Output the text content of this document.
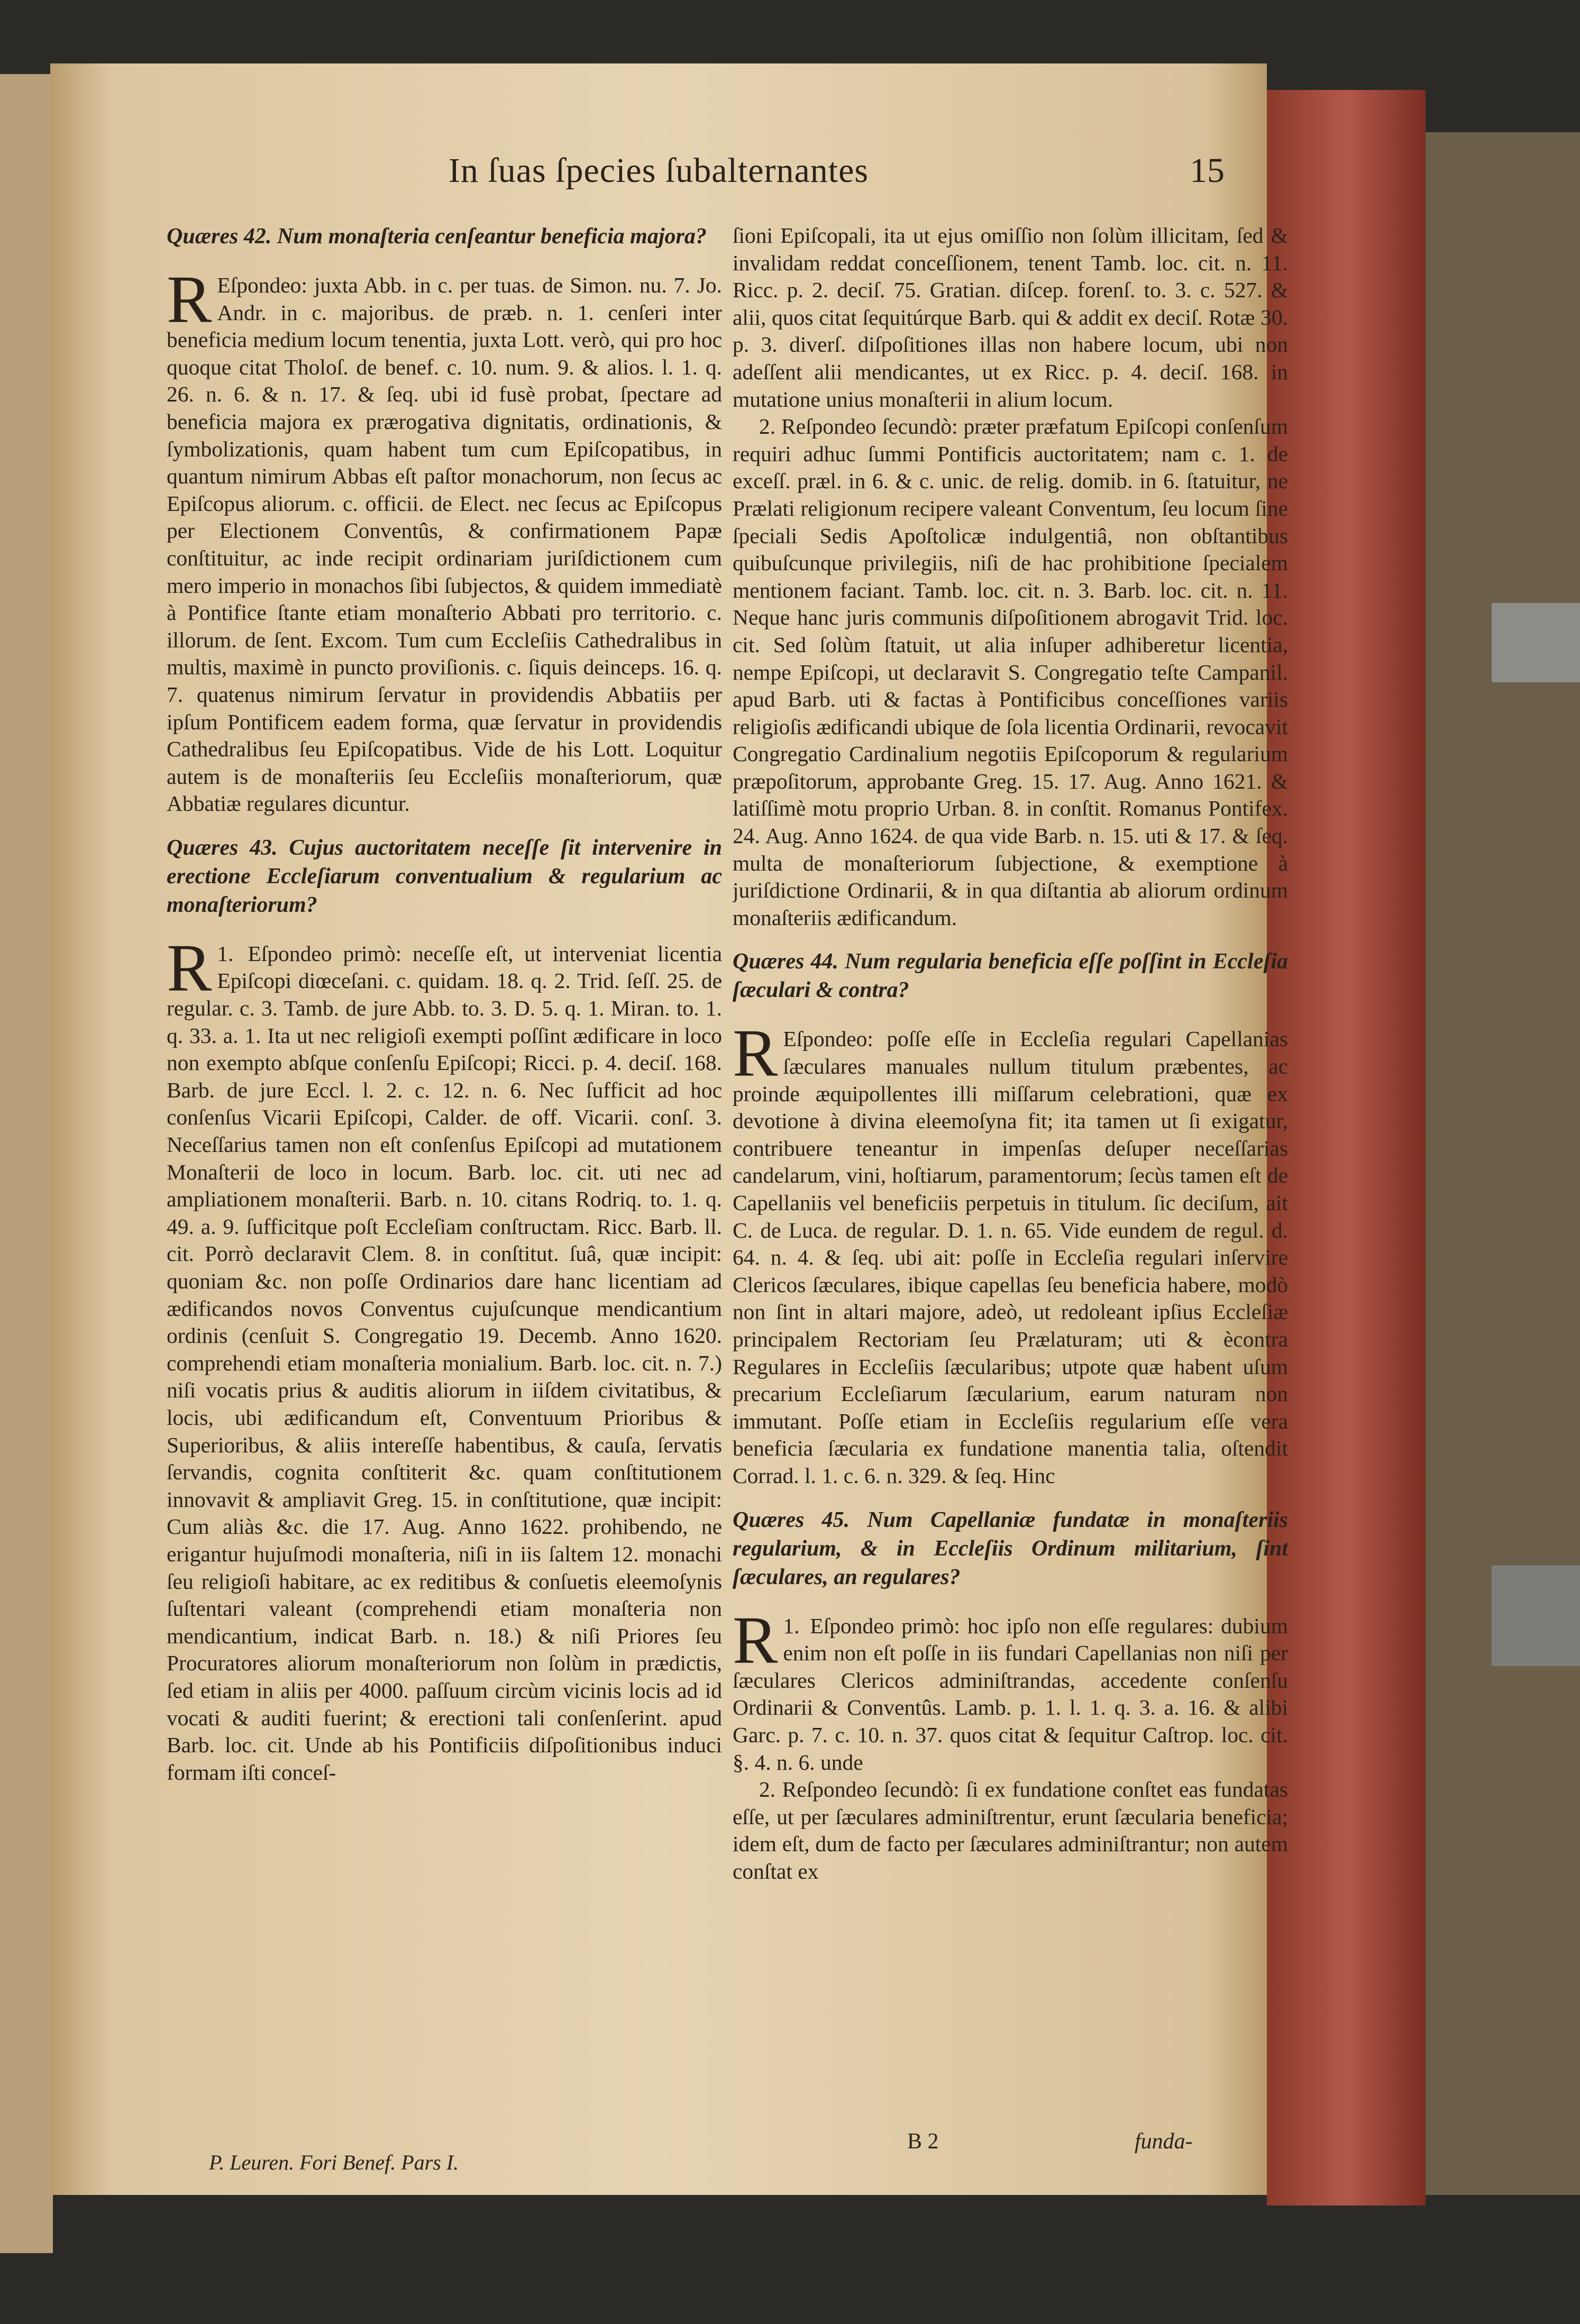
In ſuas ſpecies ſubalternantes	15
Quæres 42. Num monaſteria cenſeantur beneficia majora?

R Eſpondeo: juxta Abb. in c. per tuas. de Simon. nu. 7. Jo. Andr. in c. majoribus. de præb. n. 1. cenſeri inter beneficia medium locum tenentia, juxta Lott. verò, qui pro hoc quoque citat Tholoſ. de benef. c. 10. num. 9. & alios. l. 1. q. 26. n. 6. & n. 17. & ſeq. ubi id fusè probat, ſpectare ad beneficia majora ex prærogativa dignitatis, ordinationis, & ſymbolizationis, quam habent tum cum Epiſcopatibus, in quantum nimirum Abbas eſt paſtor monachorum, non ſecus ac Epiſcopus aliorum. c. officii. de Elect. nec ſecus ac Epiſcopus per Electionem Conventûs, & confirmationem Papæ conſtituitur, ac inde recipit ordinariam juriſdictionem cum mero imperio in monachos ſibi ſubjectos, & quidem immediatè à Pontifice ſtante etiam monaſterio Abbati pro territorio. c. illorum. de ſent. Excom. Tum cum Eccleſiis Cathedralibus in multis, maximè in puncto proviſionis. c. ſiquis deinceps. 16. q. 7. quatenus nimirum ſervatur in providendis Abbatiis per ipſum Pontificem eadem forma, quæ ſervatur in providendis Cathedralibus ſeu Epiſcopatibus. Vide de his Lott. Loquitur autem is de monaſteriis ſeu Eccleſiis monaſteriorum, quæ Abbatiæ regulares dicuntur.

Quæres 43. Cujus auctoritatem neceſſe ſit intervenire in erectione Eccleſiarum conventualium & regularium ac monaſteriorum?

1.
R Eſpondeo primò: neceſſe eſt, ut interveniat licentia Epiſcopi diœceſani. c. quidam. 18. q. 2. Trid. ſeſſ. 25. de regular. c. 3. Tamb. de jure Abb. to. 3. D. 5. q. 1. Miran. to. 1. q. 33. a. 1. Ita ut nec religioſi exempti poſſint ædificare in loco non exempto abſque conſenſu Epiſcopi; Ricci. p. 4. deciſ. 168. Barb. de jure Eccl. l. 2. c. 12. n. 6. Nec ſufficit ad hoc conſenſus Vicarii Epiſcopi, Calder. de off. Vicarii. conſ. 3. Neceſſarius tamen non eſt conſenſus Epiſcopi ad mutationem Monaſterii de loco in locum. Barb. loc. cit. uti nec ad ampliationem monaſterii. Barb. n. 10. citans Rodriq. to. 1. q. 49. a. 9. ſufficitque poſt Eccleſiam conſtructam. Ricc. Barb. ll. cit. Porrò declaravit Clem. 8. in conſtitut. ſuâ, quæ incipit: quoniam &c. non poſſe Ordinarios dare hanc licentiam ad ædificandos novos Conventus cujuſcunque mendicantium ordinis (cenſuit S. Congregatio 19. Decemb. Anno 1620. comprehendi etiam monaſteria monialium. Barb. loc. cit. n. 7.) niſi vocatis prius & auditis aliorum in iiſdem civitatibus, & locis, ubi ædificandum eſt, Conventuum Prioribus & Superioribus, & aliis intereſſe habentibus, & cauſa, ſervatis ſervandis, cognita conſtiterit &c. quam conſtitutionem innovavit & ampliavit Greg. 15. in conſtitutione, quæ incipit: Cum aliàs &c. die 17. Aug. Anno 1622. prohibendo, ne erigantur hujuſmodi monaſteria, niſi in iis ſaltem 12. monachi ſeu religioſi habitare, ac ex reditibus & conſuetis eleemoſynis ſuſtentari valeant (comprehendi etiam monaſteria non mendicantium, indicat Barb. n. 18.) & niſi Priores ſeu Procuratores aliorum monaſteriorum non ſolùm in prædictis, ſed etiam in aliis per 4000. paſſuum circùm vicinis locis ad id vocati & auditi fuerint; & erectioni tali conſenſerint. apud Barb. loc. cit. Unde ab his Pontificiis diſpoſitionibus induci formam iſti conceſ-

ſioni Epiſcopali, ita ut ejus omiſſio non ſolùm illicitam, ſed & invalidam reddat conceſſionem, tenent Tamb. loc. cit. n. 11. Ricc. p. 2. deciſ. 75. Gratian. diſcep. forenſ. to. 3. c. 527. & alii, quos citat ſequitúrque Barb. qui & addit ex deciſ. Rotæ 30. p. 3. diverſ. diſpoſitiones illas non habere locum, ubi non adeſſent alii mendicantes, ut ex Ricc. p. 4. deciſ. 168. in mutatione unius monaſterii in alium locum.

2. Reſpondeo ſecundò: præter præfatum Epiſcopi conſenſum requiri adhuc ſummi Pontificis auctoritatem; nam c. 1. de exceſſ. præl. in 6. & c. unic. de relig. domib. in 6. ſtatuitur, ne Prælati religionum recipere valeant Conventum, ſeu locum ſine ſpeciali Sedis Apoſtolicæ indulgentiâ, non obſtantibus quibuſcunque privilegiis, niſi de hac prohibitione ſpecialem mentionem faciant. Tamb. loc. cit. n. 3. Barb. loc. cit. n. 11. Neque hanc juris communis diſpoſitionem abrogavit Trid. loc. cit. Sed ſolùm ſtatuit, ut alia inſuper adhiberetur licentia, nempe Epiſcopi, ut declaravit S. Congregatio teſte Campanil. apud Barb. uti & factas à Pontificibus conceſſiones variis religioſis ædificandi ubique de ſola licentia Ordinarii, revocavit Congregatio Cardinalium negotiis Epiſcoporum & regularium præpoſitorum, approbante Greg. 15. 17. Aug. Anno 1621. & latiſſimè motu proprio Urban. 8. in conſtit. Romanus Pontifex. 24. Aug. Anno 1624. de qua vide Barb. n. 15. uti & 17. & ſeq. multa de monaſteriorum ſubjectione, & exemptione à juriſdictione Ordinarii, & in qua diſtantia ab aliorum ordinum monaſteriis ædificandum.

Quæres 44. Num regularia beneficia eſſe poſſint in Eccleſia ſæculari & contra?

R Eſpondeo: poſſe eſſe in Eccleſia regulari Capellanias ſæculares manuales nullum titulum præbentes, ac proinde æquipollentes illi miſſarum celebrationi, quæ ex devotione à divina eleemoſyna fit; ita tamen ut ſi exigatur, contribuere teneantur in impenſas deſuper neceſſarias candelarum, vini, hoſtiarum, paramentorum; ſecùs tamen eſt de Capellaniis vel beneficiis perpetuis in titulum. ſic deciſum, ait C. de Luca. de regular. D. 1. n. 65. Vide eundem de regul. d. 64. n. 4. & ſeq. ubi ait: poſſe in Eccleſia regulari inſervire Clericos ſæculares, ibique capellas ſeu beneficia habere, modò non ſint in altari majore, adeò, ut redoleant ipſius Eccleſiæ principalem Rectoriam ſeu Prælaturam; uti & ècontra Regulares in Eccleſiis ſæcularibus; utpote quæ habent uſum precarium Eccleſiarum ſæcularium, earum naturam non immutant. Poſſe etiam in Eccleſiis regularium eſſe vera beneficia ſæcularia ex fundatione manentia talia, oſtendit Corrad. l. 1. c. 6. n. 329. & ſeq. Hinc

Quæres 45. Num Capellaniæ fundatæ in monaſteriis regularium, & in Eccleſiis Ordinum militarium, ſint ſæculares, an regulares?

1.
R Eſpondeo primò: hoc ipſo non eſſe regulares: dubium enim non eſt poſſe in iis fundari Capellanias non niſi per ſæculares Clericos adminiſtrandas, accedente conſenſu Ordinarii & Conventûs. Lamb. p. 1. l. 1. q. 3. a. 16. & alibi Garc. p. 7. c. 10. n. 37. quos citat & ſequitur Caſtrop. loc. cit. §. 4. n. 6. unde

2. Reſpondeo ſecundò: ſi ex fundatione conſtet eas fundatas eſſe, ut per ſæculares adminiſtrentur, erunt ſæcularia beneficia; idem eſt, dum de facto per ſæculares adminiſtrantur; non autem conſtat ex

P. Leuren. Fori Benef. Pars I.
B 2	funda-
